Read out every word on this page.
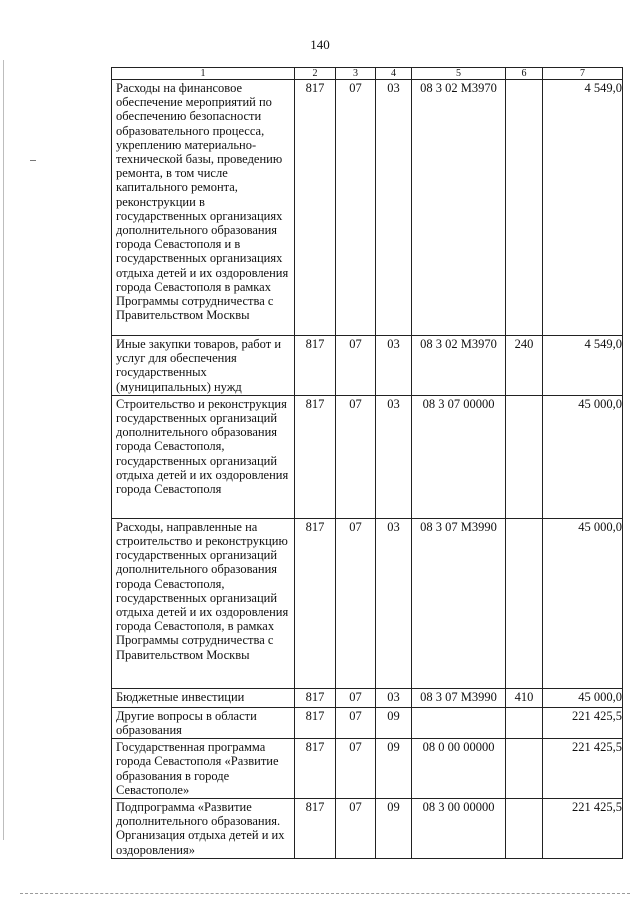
140
1	2	3	4	5	6	7
Расходы на финансовое обеспечение мероприятий по обеспечению безопасности образовательного процесса, укреплению материально-технической базы, проведению ремонта, в том числе капитального ремонта, реконструкции в государственных организациях дополнительного образования города Севастополя и в государственных организациях отдыха детей и их оздоровления города Севастополя в рамках Программы сотрудничества с Правительством Москвы	817	07	03	08 3 02 М3970		4 549,0
Иные закупки товаров, работ и услуг для обеспечения государственных (муниципальных) нужд	817	07	03	08 3 02 М3970	240	4 549,0
Строительство и реконструкция государственных организаций дополнительного образования города Севастополя, государственных организаций отдыха детей и их оздоровления города Севастополя	817	07	03	08 3 07 00000		45 000,0
Расходы, направленные на строительство и реконструкцию государственных организаций дополнительного образования города Севастополя, государственных организаций отдыха детей и их оздоровления города Севастополя, в рамках Программы сотрудничества с Правительством Москвы	817	07	03	08 3 07 М3990		45 000,0
Бюджетные инвестиции	817	07	03	08 3 07 М3990	410	45 000,0
Другие вопросы в области образования	817	07	09			221 425,5
Государственная программа города Севастополя «Развитие образования в городе Севастополе»	817	07	09	08 0 00 00000		221 425,5
Подпрограмма «Развитие дополнительного образования. Организация отдыха детей и их оздоровления»	817	07	09	08 3 00 00000		221 425,5
